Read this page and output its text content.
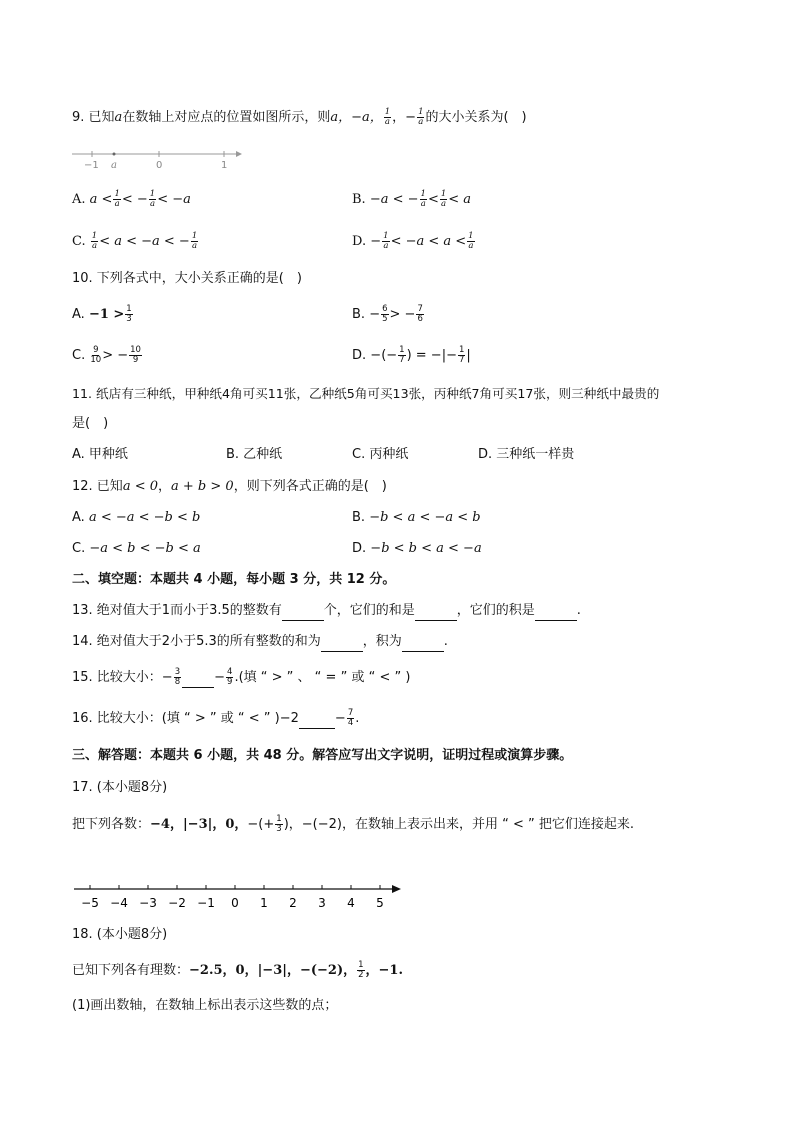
9. 已知a在数轴上对应点的位置如图所示，则a，−a， $\frac{1}{a}$ ，− $\frac{1}{a}$ 的大小关系为(　)
−1 a	0	1
A. $a < \frac{1}{a}$ < − $\frac{1}{a} < -a$	B. −a < − $\frac{1}{a} < \frac{1}{a} < a$
C. $\frac{1}{a} < a < -a$ < − $\frac{1}{a}$	D. − $\frac{1}{a} < -a < a < \frac{1}{a}$
10. 下列各式中，大小关系正确的是(　)
A. $-1 > \frac{1}{3}$	B. − $\frac{6}{5}$ > − $\frac{7}{6}$
C. $\frac{9}{10}$ > − $\frac{10}{9}$	D. −(− $\frac{1}{7}$ ) = −|− $\frac{1}{7}$ |
11. 纸店有三种纸，甲种纸4角可买11张，乙种纸5角可买13张，丙种纸7角可买17张，则三种纸中最贵的
是(　)
A. 甲种纸	B. 乙种纸	C. 丙种纸	D. 三种纸一样贵
12. 已知a < 0，a + b > 0，则下列各式正确的是(　)
A. a < −a < −b < b	B. −b < a < −a < b
C. −a < b < −b < a	D. −b < b < a < −a
二、填空题：本题共 4 小题，每小题 3 分，共 12 分。
13. 绝对值大于1而小于3.5的整数有	个，它们的和是	，它们的积是	.
14. 绝对值大于2小于5.3的所有整数的和为	，积为	.
15. 比较大小：− $\frac{3}{8}$	− $\frac{4}{9}$ .(填 “ > ” 、 “ = ” 或 “ < ” )
16. 比较大小：(填 “ > ” 或 “ < ” )−2	− $\frac{7}{4}$ .
三、解答题：本题共 6 小题，共 48 分。解答应写出文字说明，证明过程或演算步骤。
17. (本小题8分)
把下列各数：−4，|−3|，0，−(+ $\frac{1}{3}$ )，−(−2)，在数轴上表示出来，并用 “ < ” 把它们连接起来.
−5 −4 −3 −2 −1 0 1 2 3 4 5
18. (本小题8分)
已知下列各有理数：−2.5，0，|−3|，−(−2)， $\frac{1}{2}$ ，−1.
(1)画出数轴，在数轴上标出表示这些数的点；
